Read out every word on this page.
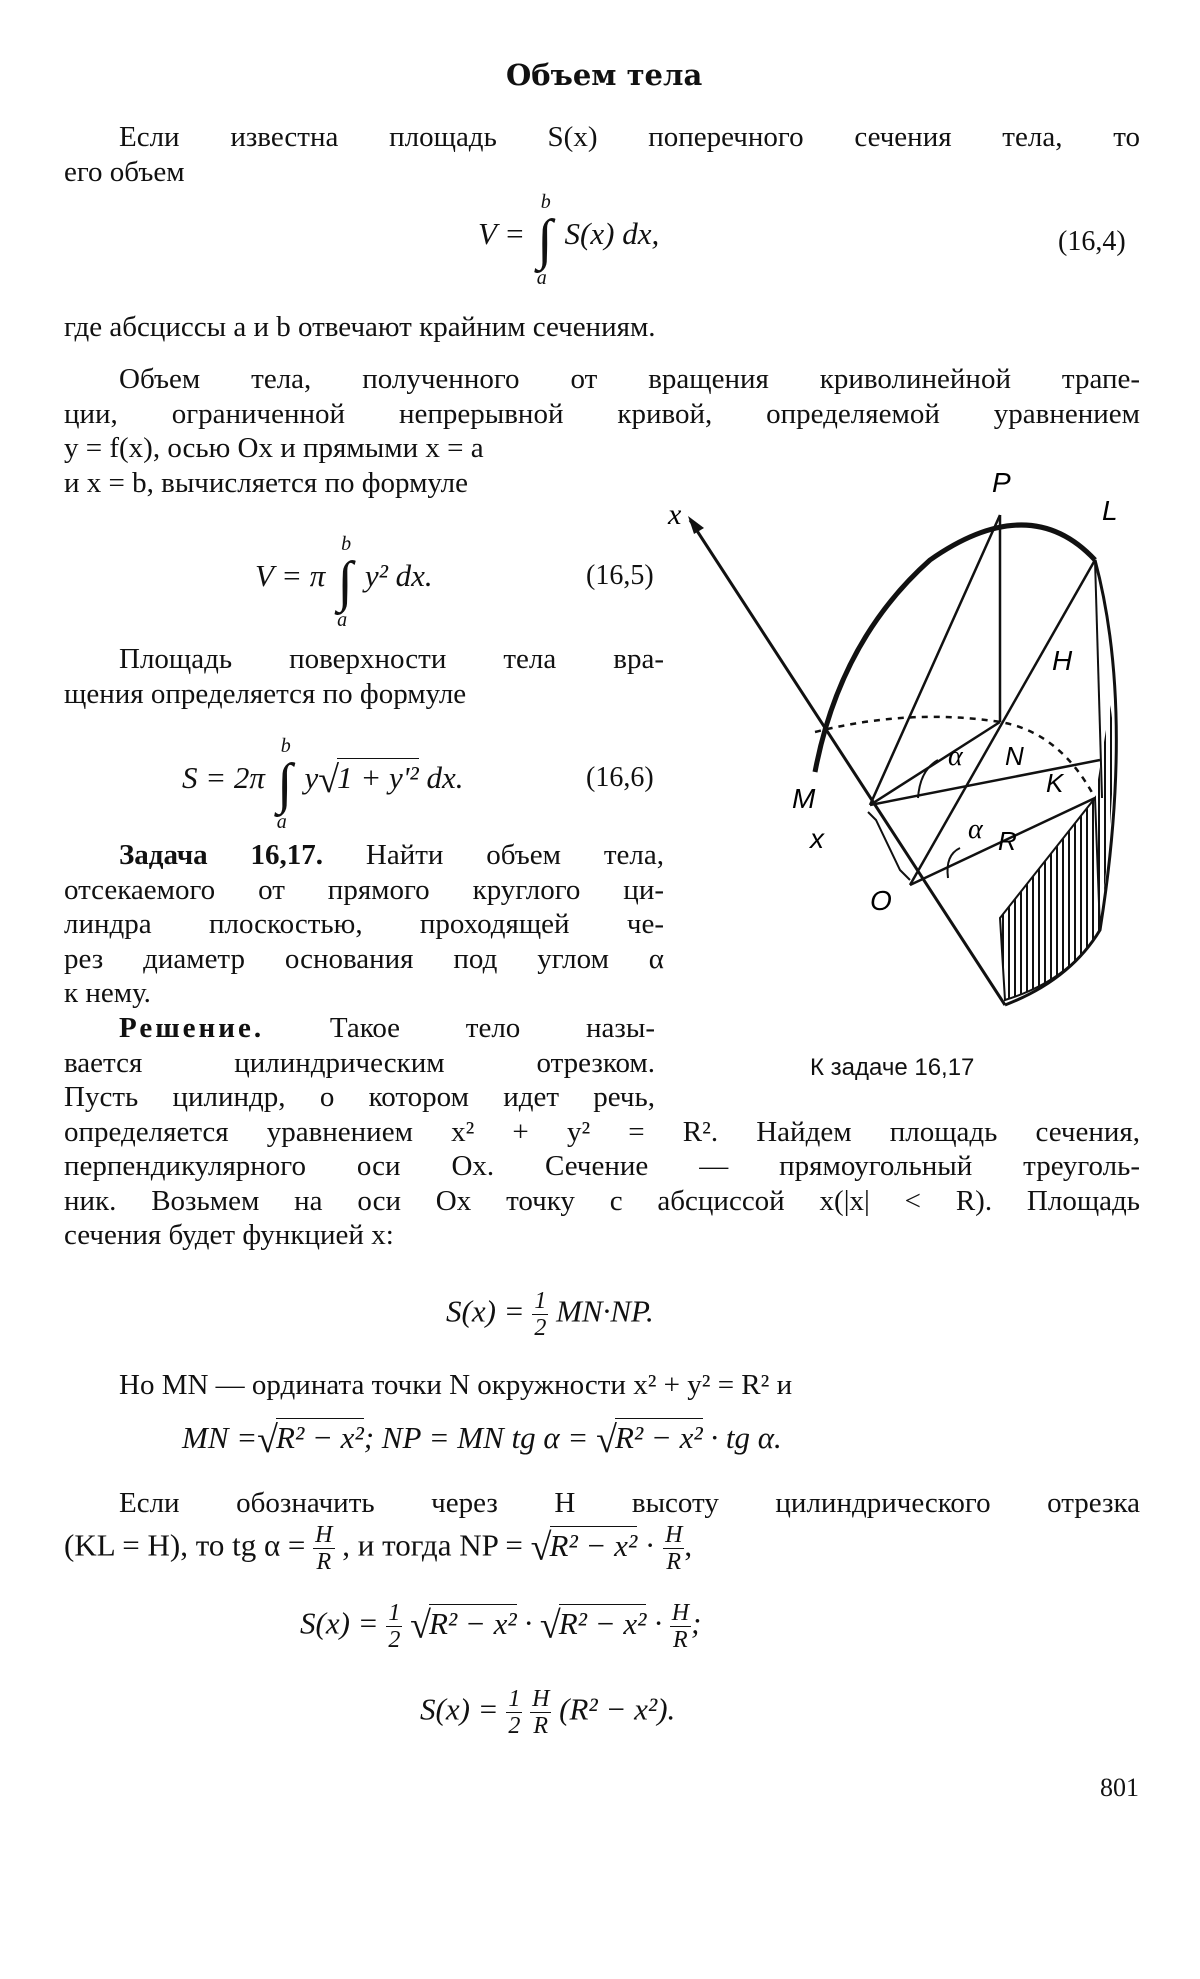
Объем тела
Если известна площадь S(x) поперечного сечения тела, то
его объем
V = ∫
b
a
S(x) dx,	(16,4)
где абсциссы a и b отвечают крайним сечениям.
Объем тела, полученного от вращения криволинейной трапе-
ции, ограниченной непрерывной кривой, определяемой уравнением
y = f(x), осью Ox и прямыми x = a
и x = b, вычисляется по формуле
V = π ∫
b
a
y² dx.	(16,5)
Площадь поверхности тела вра-
щения определяется по формуле
S = 2π ∫
b
a
y√1 + y'² dx.	(16,6)
Задача 16,17. Найти объем тела,
отсекаемого от прямого круглого ци-
линдра плоскостью, проходящей че-
рез диаметр основания под углом α
к нему.
Решение. Такое тело назы-
вается цилиндрическим отрезком.
Пусть цилиндр, о котором идет речь,
определяется уравнением x² + y² = R². Найдем площадь сечения,
перпендикулярного оси Ox. Сечение — прямоугольный треуголь-
ник. Возьмем на оси Ox точку с абсциссой x(|x| < R). Площадь
сечения будет функцией x:
$S(x) = \frac{1}{2} MN\cdot NP$.
Но MN — ордината точки N окружности x² + y² = R² и
MN =√R² − x²; NP = MN tg α = √R² − x² · tg α.
Если обозначить через H высоту цилиндрического отрезка
(KL = H), то tg $\alpha = \frac{H}{R}$ , и тогда NP = $√R^2 - x^2 \cdot \frac{H}{R}$ ,
$S(x) = \frac{1}{2} √R^2 - x^2 \cdot √R^2 - x^2 \cdot \frac{H}{R}$ ;
$S(x) = \frac{1}{2}$
$\frac{H}{R} (R^2 - x^2)$.
801
x
P
L
H
α N
K
M
α
x	R
O
К задаче 16,17
